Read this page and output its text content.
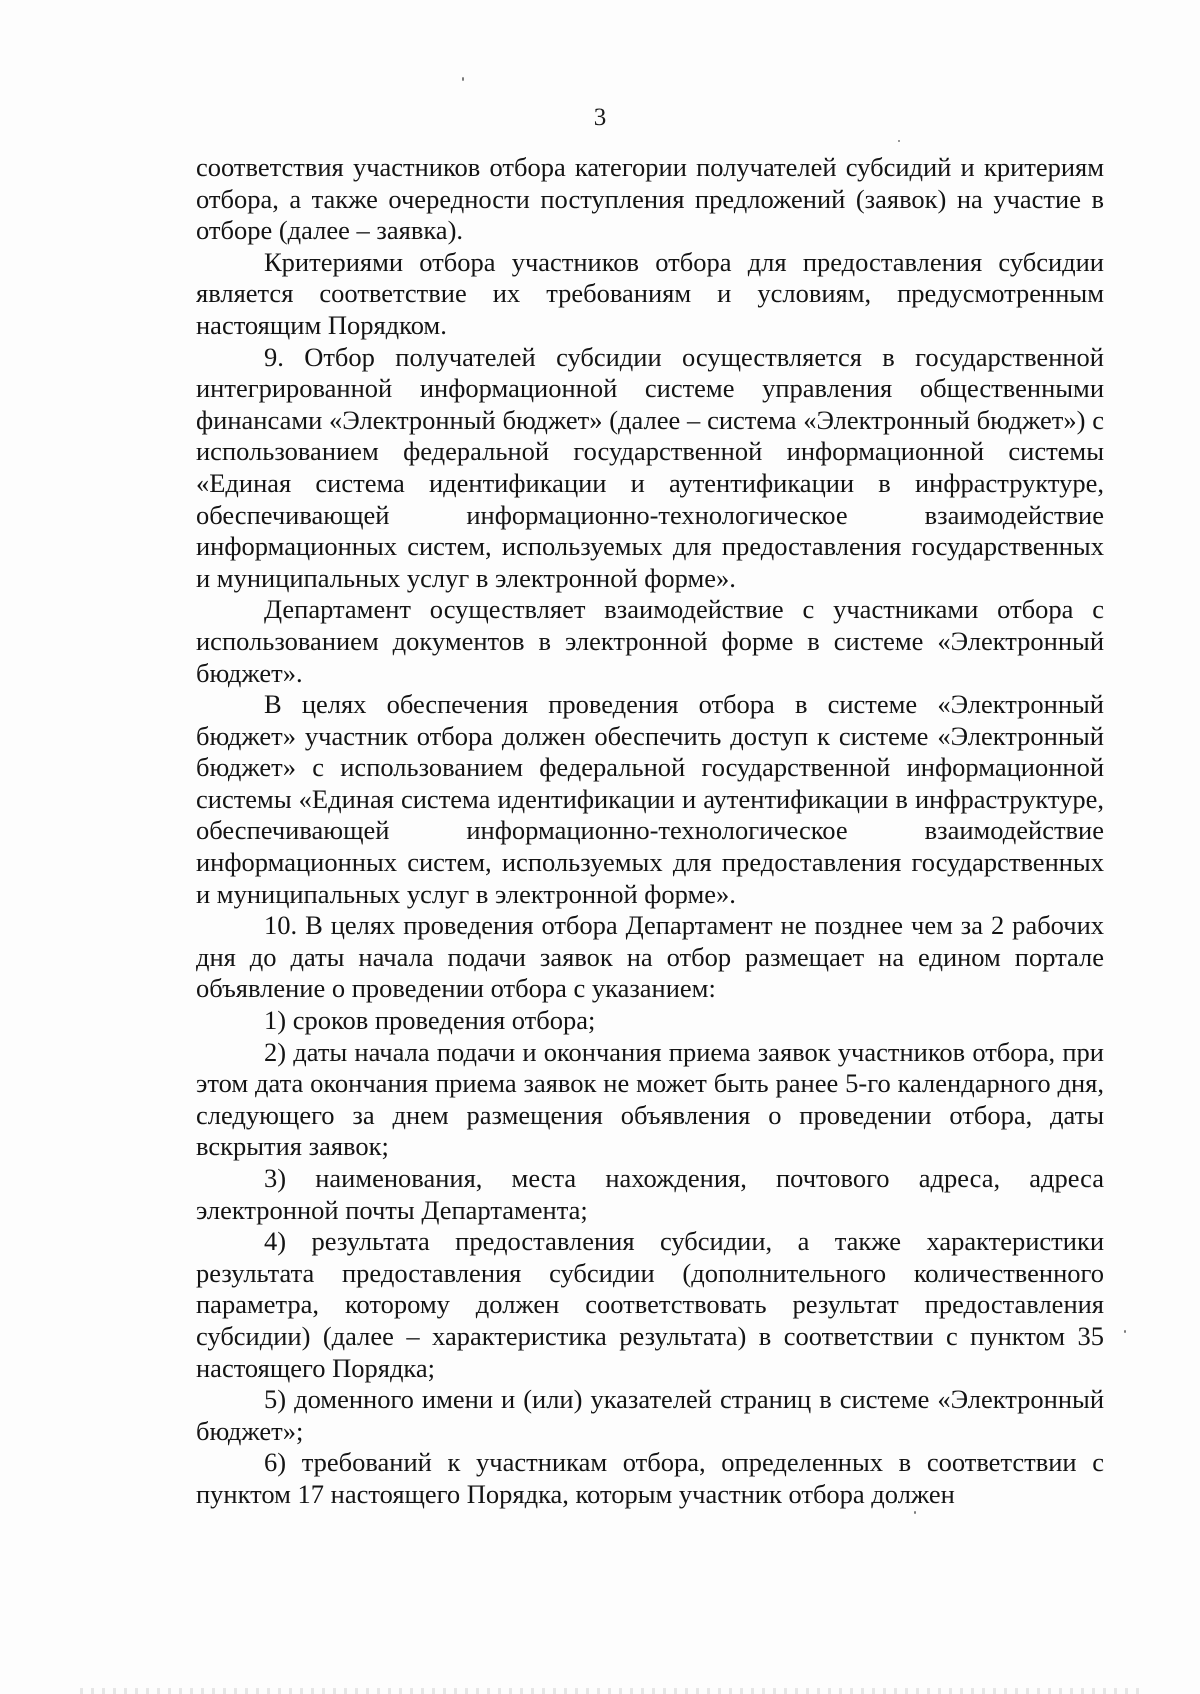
3

соответствия участников отбора категории получателей субсидий и критериям отбора, а также очередности поступления предложений (заявок) на участие в отборе (далее – заявка).

Критериями отбора участников отбора для предоставления субсидии является соответствие их требованиям и условиям, предусмотренным настоящим Порядком.

9. Отбор получателей субсидии осуществляется в государственной интегрированной информационной системе управления общественными финансами «Электронный бюджет» (далее – система «Электронный бюджет») с использованием федеральной государственной информационной системы «Единая система идентификации и аутентификации в инфраструктуре, обеспечивающей информационно-технологическое взаимодействие информационных систем, используемых для предоставления государственных и муниципальных услуг в электронной форме».

Департамент осуществляет взаимодействие с участниками отбора с использованием документов в электронной форме в системе «Электронный бюджет».

В целях обеспечения проведения отбора в системе «Электронный бюджет» участник отбора должен обеспечить доступ к системе «Электронный бюджет» с использованием федеральной государственной информационной системы «Единая система идентификации и аутентификации в инфраструктуре, обеспечивающей информационно-технологическое взаимодействие информационных систем, используемых для предоставления государственных и муниципальных услуг в электронной форме».

10. В целях проведения отбора Департамент не позднее чем за 2 рабочих дня до даты начала подачи заявок на отбор размещает на едином портале объявление о проведении отбора с указанием:

1) сроков проведения отбора;

2) даты начала подачи и окончания приема заявок участников отбора, при этом дата окончания приема заявок не может быть ранее 5-го календарного дня, следующего за днем размещения объявления о проведении отбора, даты вскрытия заявок;

3) наименования, места нахождения, почтового адреса, адреса электронной почты Департамента;

4) результата предоставления субсидии, а также характеристики результата предоставления субсидии (дополнительного количественного параметра, которому должен соответствовать результат предоставления субсидии) (далее – характеристика результата) в соответствии с пунктом 35 настоящего Порядка;

5) доменного имени и (или) указателей страниц в системе «Электронный бюджет»;

6) требований к участникам отбора, определенных в соответствии с пунктом 17 настоящего Порядка, которым участник отбора должен
